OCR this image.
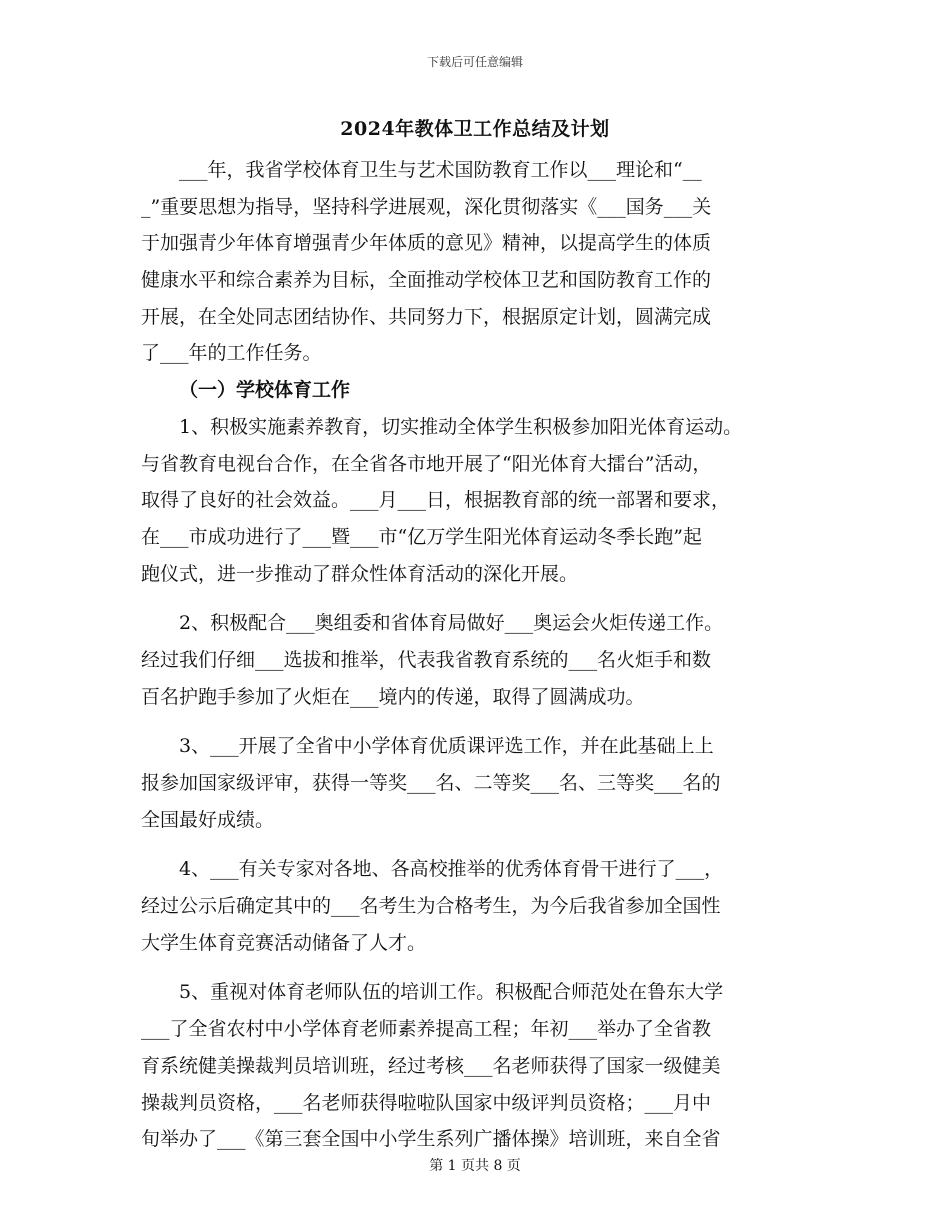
下载后可任意编辑
2024年教体卫工作总结及计划
___年，我省学校体育卫生与艺术国防教育工作以___理论和“__
_”重要思想为指导，坚持科学进展观，深化贯彻落实《___国务___关
于加强青少年体育增强青少年体质的意见》精神，以提高学生的体质
健康水平和综合素养为目标，全面推动学校体卫艺和国防教育工作的
开展，在全处同志团结协作、共同努力下，根据原定计划，圆满完成
了___年的工作任务。
（一）学校体育工作
1、积极实施素养教育，切实推动全体学生积极参加阳光体育运动。
与省教育电视台合作，在全省各市地开展了“阳光体育大擂台”活动，
取得了良好的社会效益。___月___日，根据教育部的统一部署和要求，
在___市成功进行了___暨___市“亿万学生阳光体育运动冬季长跑”起
跑仪式，进一步推动了群众性体育活动的深化开展。
2、积极配合___奥组委和省体育局做好___奥运会火炬传递工作。
经过我们仔细___选拔和推举，代表我省教育系统的___名火炬手和数
百名护跑手参加了火炬在___境内的传递，取得了圆满成功。
3、___开展了全省中小学体育优质课评选工作，并在此基础上上
报参加国家级评审，获得一等奖___名、二等奖___名、三等奖___名的
全国最好成绩。
4、___有关专家对各地、各高校推举的优秀体育骨干进行了___，
经过公示后确定其中的___名考生为合格考生，为今后我省参加全国性
大学生体育竞赛活动储备了人才。
5、重视对体育老师队伍的培训工作。积极配合师范处在鲁东大学
___了全省农村中小学体育老师素养提高工程；年初___举办了全省教
育系统健美操裁判员培训班，经过考核___名老师获得了国家一级健美
操裁判员资格，___名老师获得啦啦队国家中级评判员资格；___月中
旬举办了___《第三套全国中小学生系列广播体操》培训班，来自全省
第 1 页共 8 页
